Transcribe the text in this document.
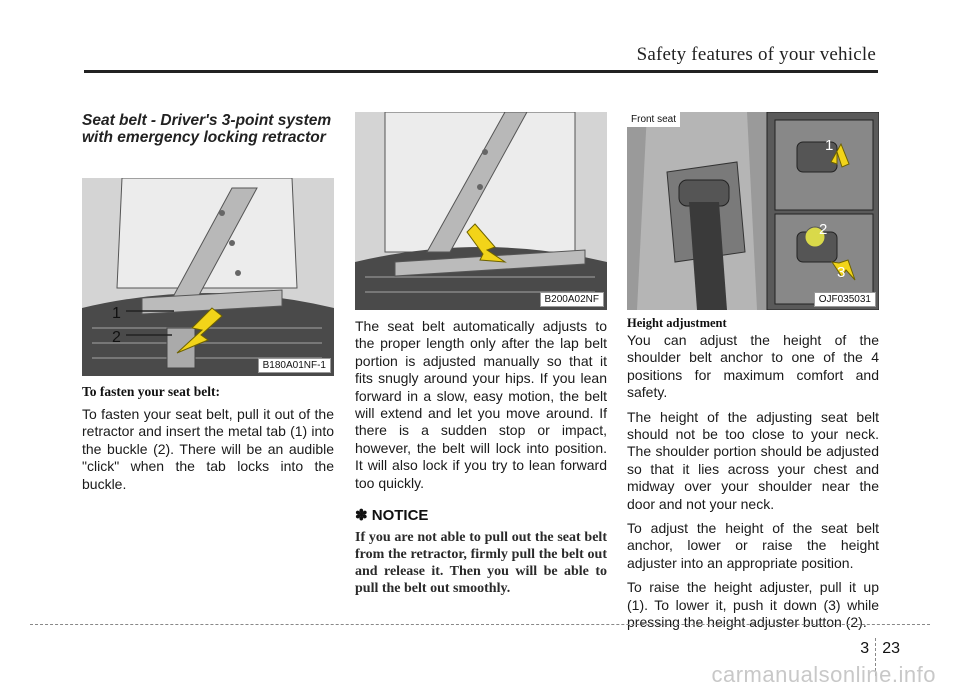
Safety features of your vehicle
Seat belt - Driver's 3-point system with emergency locking retractor
1
2
B180A01NF-1
To fasten your seat belt:

To fasten your seat belt, pull it out of the retractor and insert the metal tab (1) into the buckle (2). There will be an audible "click" when the tab locks into the buckle.

B200A02NF

The seat belt automatically adjusts to the proper length only after the lap belt portion is adjusted manually so that it fits snugly around your hips. If you lean forward in a slow, easy motion, the belt will extend and let you move around. If there is a sudden stop or impact, however, the belt will lock into position. It will also lock if you try to lean forward too quickly.

✽ NOTICE

If you are not able to pull out the seat belt from the retractor, firmly pull the belt out and release it. Then you will be able to pull the belt out smoothly.

1
2
3
Front seat
OJF035031
Height adjustment

You can adjust the height of the shoulder belt anchor to one of the 4 positions for maximum comfort and safety.

The height of the adjusting seat belt should not be too close to your neck. The shoulder portion should be adjusted so that it lies across your chest and midway over your shoulder near the door and not your neck.

To adjust the height of the seat belt anchor, lower or raise the height adjuster into an appropriate position.

To raise the height adjuster, pull it up (1). To lower it, push it down (3) while pressing the height adjuster button (2).

3 23
carmanualsonline.info
